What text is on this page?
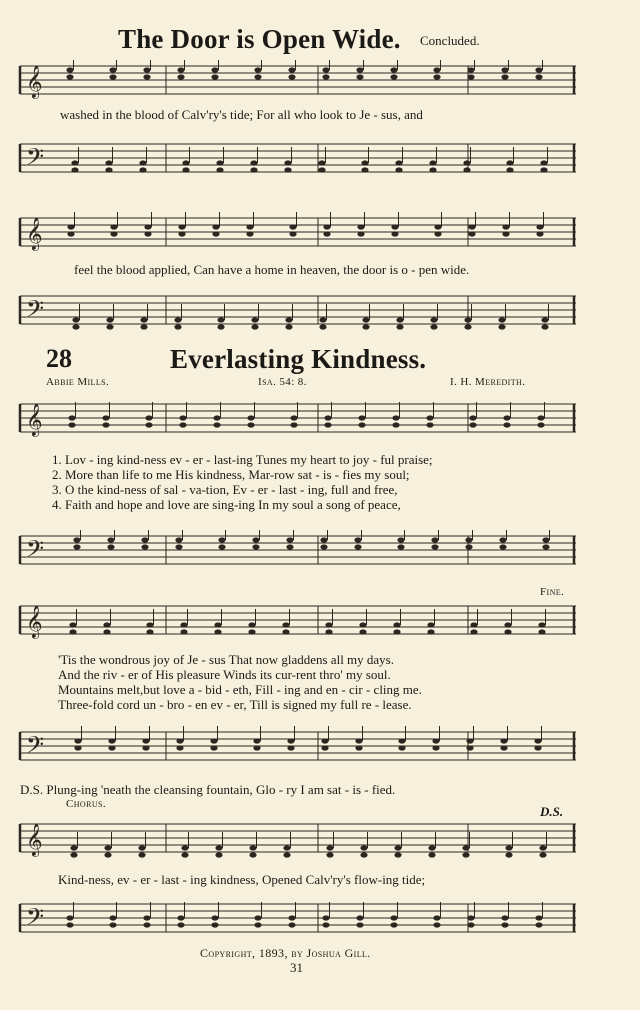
The Door is Open Wide. Concluded.
𝄞
washed in the blood of Calv'ry's tide; For all who look to Je - sus, and
𝄢
𝄞
feel the blood applied, Can have a home in heaven, the door is o - pen wide.
𝄢
28	Everlasting Kindness.
Abbie Mills.	Isa. 54: 8.	I. H. Meredith.
𝄞
1. Lov - ing kind-ness ev - er - last-ing Tunes my heart to joy - ful praise;
2. More than life to me His kindness, Mar-row sat - is - fies my soul;
3. O the kind-ness of sal - va-tion, Ev - er - last - ing, full and free,
4. Faith and hope and love are sing-ing In my soul a song of peace,
𝄢
Fine.
𝄞
'Tis the wondrous joy of Je - sus That now gladdens all my days.
And the riv - er of His pleasure Winds its cur-rent thro' my soul.
Mountains melt,but love a - bid - eth, Fill - ing and en - cir - cling me.
Three-fold cord un - bro - en ev - er, Till is signed my full re - lease.
𝄢
D.S. Plung-ing 'neath the cleansing fountain, Glo - ry I am sat - is - fied.
Chorus.	D.S.
𝄞
Kind-ness, ev - er - last - ing kindness, Opened Calv'ry's flow-ing tide;
𝄢
Copyright, 1893, by Joshua Gill.
31
